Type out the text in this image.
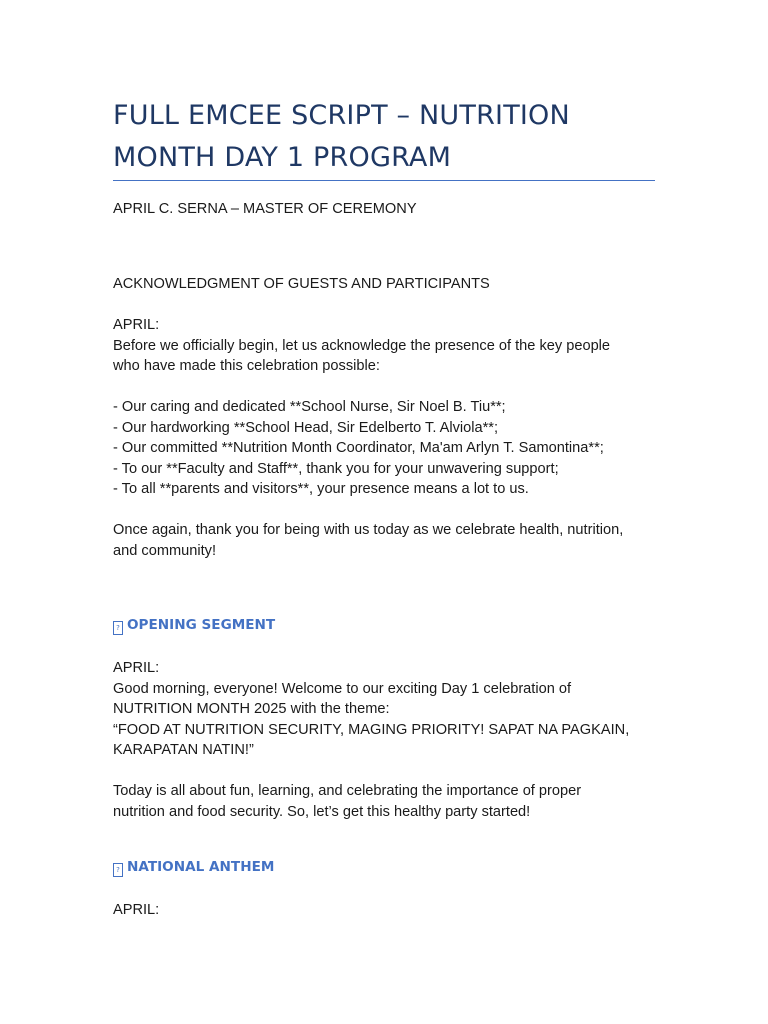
FULL EMCEE SCRIPT – NUTRITION MONTH DAY 1 PROGRAM
APRIL C. SERNA – MASTER OF CEREMONY
ACKNOWLEDGMENT OF GUESTS AND PARTICIPANTS
APRIL:
Before we officially begin, let us acknowledge the presence of the key people
who have made this celebration possible:
- Our caring and dedicated **School Nurse, Sir Noel B. Tiu**;
- Our hardworking **School Head, Sir Edelberto T. Alviola**;
- Our committed **Nutrition Month Coordinator, Ma'am Arlyn T. Samontina**;
- To our **Faculty and Staff**, thank you for your unwavering support;
- To all **parents and visitors**, your presence means a lot to us.
Once again, thank you for being with us today as we celebrate health, nutrition,
and community!
? OPENING SEGMENT
APRIL:
Good morning, everyone! Welcome to our exciting Day 1 celebration of
NUTRITION MONTH 2025 with the theme:
“FOOD AT NUTRITION SECURITY, MAGING PRIORITY! SAPAT NA PAGKAIN,
KARAPATAN NATIN!”
Today is all about fun, learning, and celebrating the importance of proper
nutrition and food security. So, let’s get this healthy party started!
? NATIONAL ANTHEM
APRIL:
